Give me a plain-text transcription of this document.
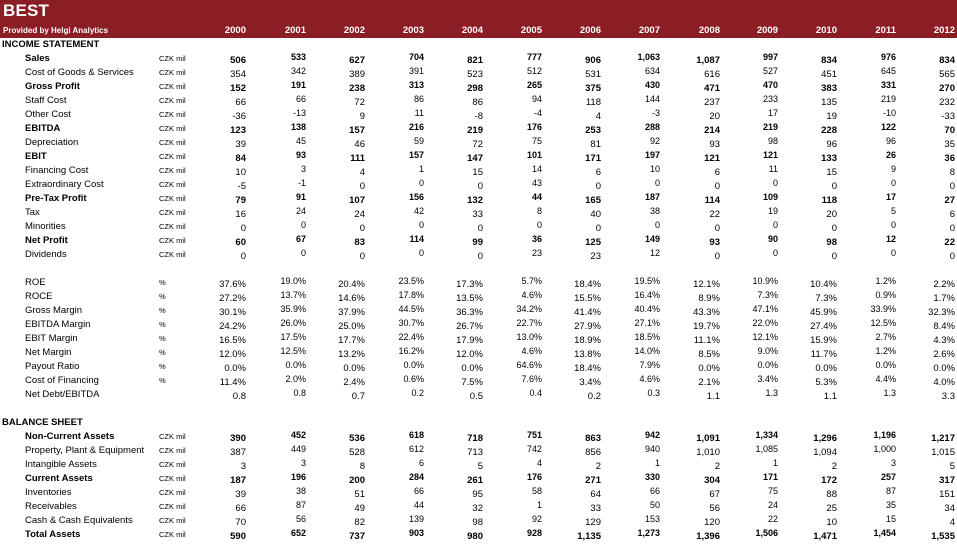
BEST
Provided by Helgi Analytics	2000	2001	2002	2003	2004	2005	2006	2007	2008	2009	2010	2011	2012
INCOME STATEMENT
Sales	CZK mil	506	533	627	704	821	777	906	1,063	1,087	997	834	976	834
Cost of Goods & Services	CZK mil	354	342	389	391	523	512	531	634	616	527	451	645	565
Gross Profit	CZK mil	152	191	238	313	298	265	375	430	471	470	383	331	270
Staff Cost	CZK mil	66	66	72	86	86	94	118	144	237	233	135	219	232
Other Cost	CZK mil	-36	-13	9	11	-8	-4	4	-3	20	17	19	-10	-33
EBITDA	CZK mil	123	138	157	216	219	176	253	288	214	219	228	122	70
Depreciation	CZK mil	39	45	46	59	72	75	81	92	93	98	96	96	35
EBIT	CZK mil	84	93	111	157	147	101	171	197	121	121	133	26	36
Financing Cost	CZK mil	10	3	4	1	15	14	6	10	6	11	15	9	8
Extraordinary Cost	CZK mil	-5	-1	0	0	0	43	0	0	0	0	0	0	0
Pre-Tax Profit	CZK mil	79	91	107	156	132	44	165	187	114	109	118	17	27
Tax	CZK mil	16	24	24	42	33	8	40	38	22	19	20	5	6
Minorities	CZK mil	0	0	0	0	0	0	0	0	0	0	0	0	0
Net Profit	CZK mil	60	67	83	114	99	36	125	149	93	90	98	12	22
Dividends	CZK mil	0	0	0	0	0	23	23	12	0	0	0	0	0
ROE	%	37.6%	19.0%	20.4%	23.5%	17.3%	5.7%	18.4%	19.5%	12.1%	10.9%	10.4%	1.2%	2.2%
ROCE	%	27.2%	13.7%	14.6%	17.8%	13.5%	4.6%	15.5%	16.4%	8.9%	7.3%	7.3%	0.9%	1.7%
Gross Margin	%	30.1%	35.9%	37.9%	44.5%	36.3%	34.2%	41.4%	40.4%	43.3%	47.1%	45.9%	33.9%	32.3%
EBITDA Margin	%	24.2%	26.0%	25.0%	30.7%	26.7%	22.7%	27.9%	27.1%	19.7%	22.0%	27.4%	12.5%	8.4%
EBIT Margin	%	16.5%	17.5%	17.7%	22.4%	17.9%	13.0%	18.9%	18.5%	11.1%	12.1%	15.9%	2.7%	4.3%
Net Margin	%	12.0%	12.5%	13.2%	16.2%	12.0%	4.6%	13.8%	14.0%	8.5%	9.0%	11.7%	1.2%	2.6%
Payout Ratio	%	0.0%	0.0%	0.0%	0.0%	0.0%	64.6%	18.4%	7.9%	0.0%	0.0%	0.0%	0.0%	0.0%
Cost of Financing	%	11.4%	2.0%	2.4%	0.6%	7.5%	7.6%	3.4%	4.6%	2.1%	3.4%	5.3%	4.4%	4.0%
Net Debt/EBITDA	0.8	0.8	0.7	0.2	0.5	0.4	0.2	0.3	1.1	1.3	1.1	1.3	3.3
BALANCE SHEET
Non-Current Assets	CZK mil	390	452	536	618	718	751	863	942	1,091	1,334	1,296	1,196	1,217
Property, Plant & Equipment CZK mil	387	449	528	612	713	742	856	940	1,010	1,085	1,094	1,000	1,015
Intangible Assets	CZK mil	3	3	8	6	5	4	2	1	2	1	2	3	5
Current Assets	CZK mil	187	196	200	284	261	176	271	330	304	171	172	257	317
Inventories	CZK mil	39	38	51	66	95	58	64	66	67	75	88	87	151
Receivables	CZK mil	66	87	49	44	32	1	33	50	56	24	25	35	34
Cash & Cash Equivalents	CZK mil	70	56	82	139	98	92	129	153	120	22	10	15	4
Total Assets	CZK mil	590	652	737	903	980	928	1,135	1,273	1,396	1,506	1,471	1,454	1,535
